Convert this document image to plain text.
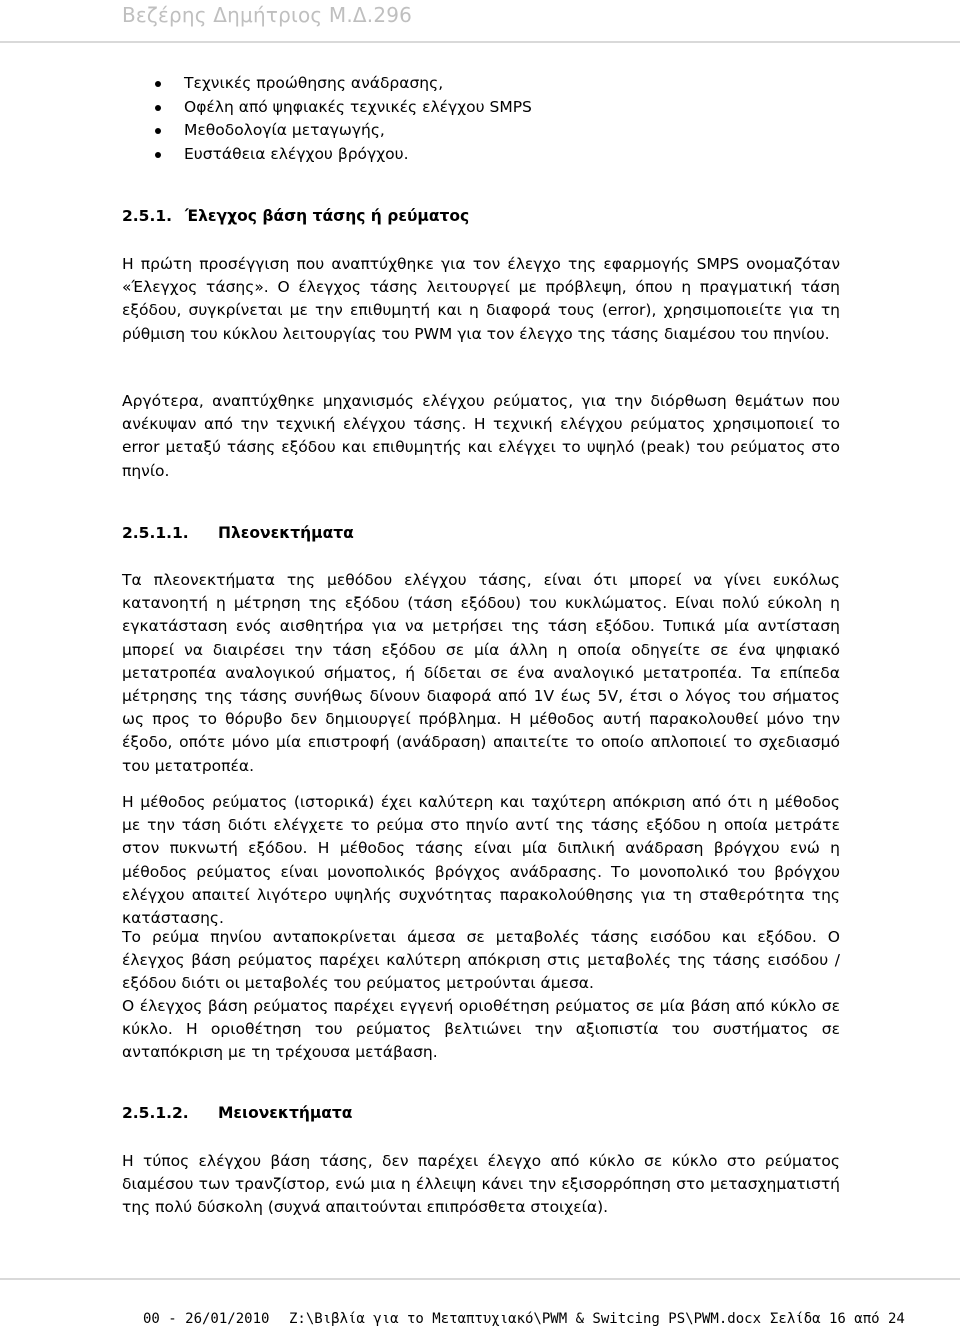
Βεζέρης Δημήτριος Μ.Δ.296
Τεχνικές προώθησης ανάδρασης,
Οφέλη από ψηφιακές τεχνικές ελέγχου SMPS
Μεθοδολογία μεταγωγής,
Ευστάθεια ελέγχου βρόγχου.
2.5.1. Έλεγχος βάση τάσης ή ρεύματος

Η πρώτη προσέγγιση που αναπτύχθηκε για τον έλεγχο της εφαρμογής SMPS ονομαζόταν «Έλεγχος τάσης». Ο έλεγχος τάσης λειτουργεί με πρόβλεψη, όπου η πραγματική τάση εξόδου, συγκρίνεται με την επιθυμητή και η διαφορά τους (error), χρησιμοποιείτε για τη ρύθμιση του κύκλου λειτουργίας του PWM για τον έλεγχο της τάσης διαμέσου του πηνίου.

Αργότερα, αναπτύχθηκε μηχανισμός ελέγχου ρεύματος, για την διόρθωση θεμάτων που ανέκυψαν από την τεχνική ελέγχου τάσης. Η τεχνική ελέγχου ρεύματος χρησιμοποιεί το error μεταξύ τάσης εξόδου και επιθυμητής και ελέγχει το υψηλό (peak) του ρεύματος στο πηνίο.

2.5.1.1. Πλεονεκτήματα

Τα πλεονεκτήματα της μεθόδου ελέγχου τάσης, είναι ότι μπορεί να γίνει ευκόλως κατανοητή η μέτρηση της εξόδου (τάση εξόδου) του κυκλώματος. Είναι πολύ εύκολη η εγκατάσταση ενός αισθητήρα για να μετρήσει της τάση εξόδου. Τυπικά μία αντίσταση μπορεί να διαιρέσει την τάση εξόδου σε μία άλλη η οποία οδηγείτε σε ένα ψηφιακό μετατροπέα αναλογικού σήματος, ή δίδεται σε ένα αναλογικό μετατροπέα. Τα επίπεδα μέτρησης της τάσης συνήθως δίνουν διαφορά από 1V έως 5V, έτσι ο λόγος του σήματος ως προς το θόρυβο δεν δημιουργεί πρόβλημα. Η μέθοδος αυτή παρακολουθεί μόνο την έξοδο, οπότε μόνο μία επιστροφή (ανάδραση) απαιτείτε το οποίο απλοποιεί το σχεδιασμό του μετατροπέα.

Η μέθοδος ρεύματος (ιστορικά) έχει καλύτερη και ταχύτερη απόκριση από ότι η μέθοδος με την τάση διότι ελέγχετε το ρεύμα στο πηνίο αντί της τάσης εξόδου η οποία μετράτε στον πυκνωτή εξόδου. Η μέθοδος τάσης είναι μία διπλική ανάδραση βρόγχου ενώ η μέθοδος ρεύματος είναι μονοπολικός βρόγχος ανάδρασης. Το μονοπολικό του βρόγχου ελέγχου απαιτεί λιγότερο υψηλής συχνότητας παρακολούθησης για τη σταθερότητα της κατάστασης.

Το ρεύμα πηνίου ανταποκρίνεται άμεσα σε μεταβολές τάσης εισόδου και εξόδου. Ο έλεγχος βάση ρεύματος παρέχει καλύτερη απόκριση στις μεταβολές της τάσης εισόδου / εξόδου διότι οι μεταβολές του ρεύματος μετρούνται άμεσα.

Ο έλεγχος βάση ρεύματος παρέχει εγγενή οριοθέτηση ρεύματος σε μία βάση από κύκλο σε κύκλο. Η οριοθέτηση του ρεύματος βελτιώνει την αξιοπιστία του συστήματος σε ανταπόκριση με τη τρέχουσα μετάβαση.

2.5.1.2. Μειονεκτήματα

Η τύπος ελέγχου βάση τάσης, δεν παρέχει έλεγχο από κύκλο σε κύκλο στο ρεύματος διαμέσου των τρανζίστορ, ενώ μια η έλλειψη κάνει την εξισορρόπηση στο μετασχηματιστή της πολύ δύσκολη (συχνά απαιτούνται επιπρόσθετα στοιχεία).

00 - 26/01/2010 Z:\Βιβλία για το Μεταπτυχιακό\PWM & Switcing PS\PWM.docx Σελίδα 16 από 24
